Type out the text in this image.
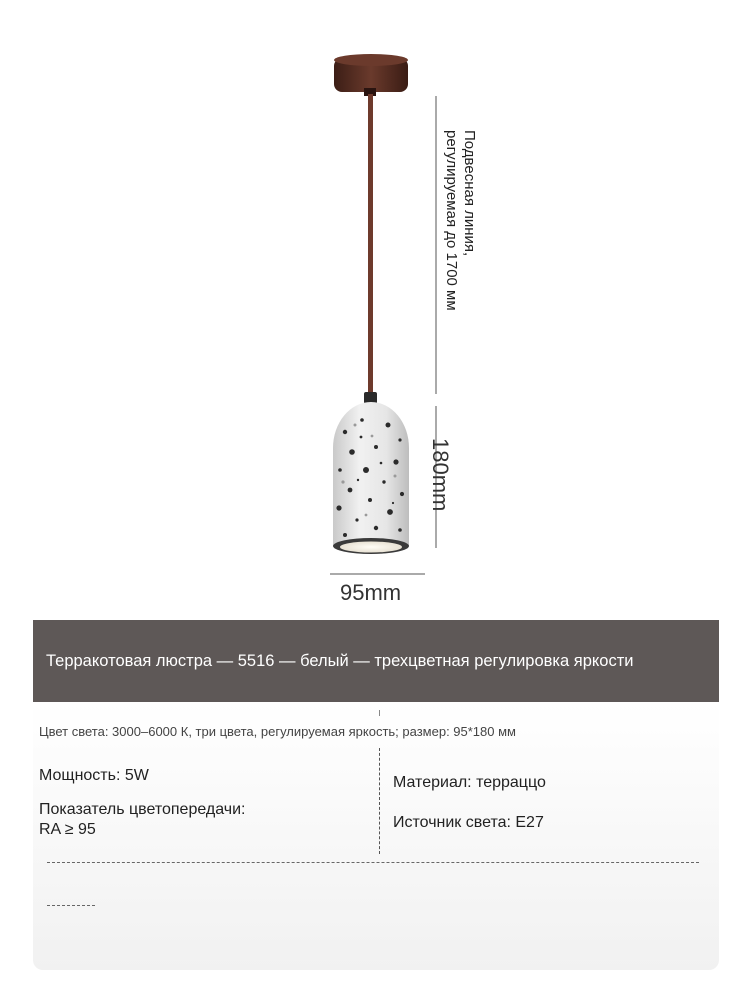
Подвесная линия, регулируемая до 1700 мм
180mm
95mm
Терракотовая люстра — 5516 — белый — трехцветная регулировка яркости
Цвет света: 3000–6000 К, три цвета, регулируемая яркость; размер: 95*180 мм
Мощность: 5W
Показатель цветопередачи: RA ≥ 95
Материал: терраццо
Источник света: E27
